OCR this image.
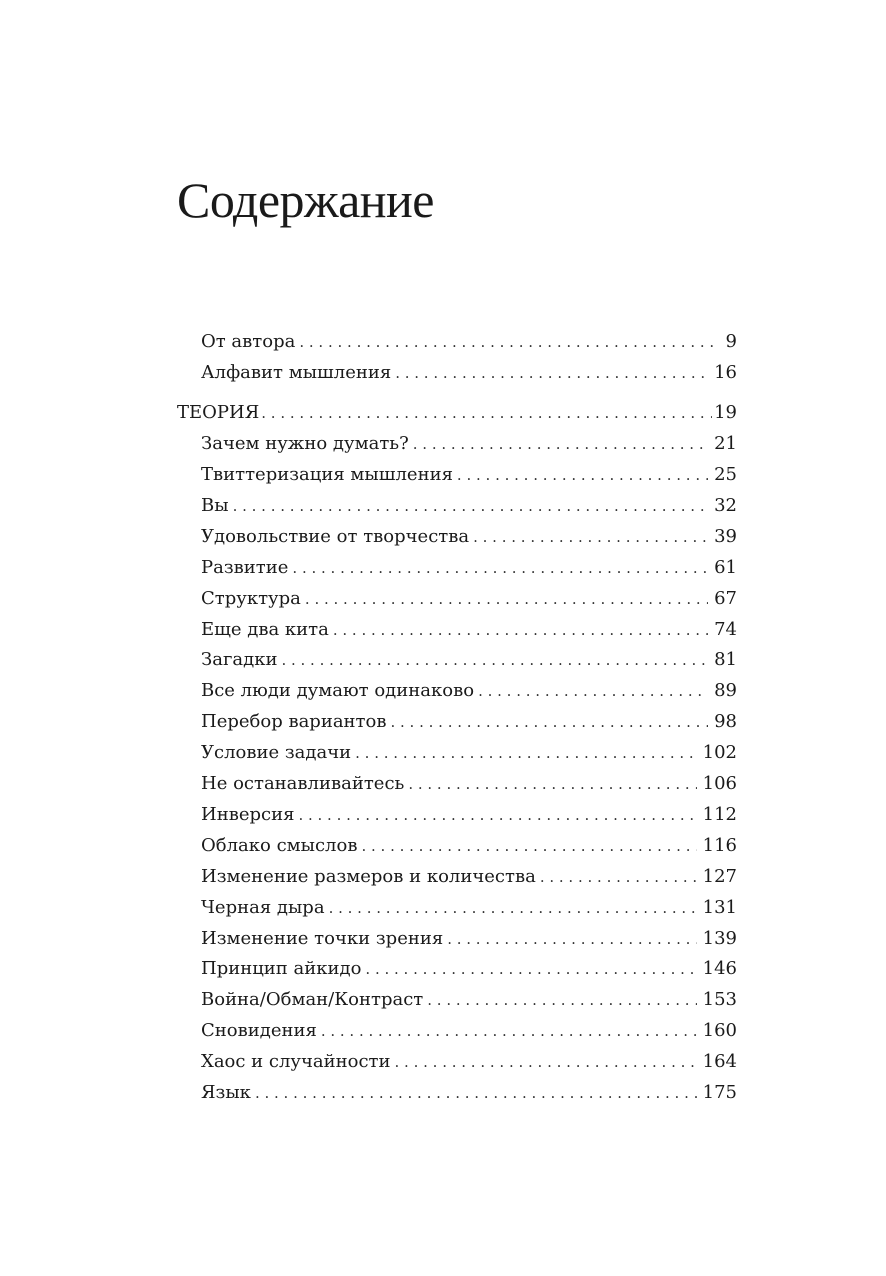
Содержание
От автора . . .	9
Алфавит мышления . . .	16
ТЕОРИЯ . . .	19
Зачем нужно думать? . . .	21
Твиттеризация мышления . . .	25
Вы . . .	32
Удовольствие от творчества . . .	39
Развитие . . .	61
Структура . . .	67
Еще два кита . . .	74
Загадки . . .	81
Все люди думают одинаково . . .	89
Перебор вариантов . . .	98
Условие задачи . . .	102
Не останавливайтесь . . .	106
Инверсия . . .	112
Облако смыслов . . .	116
Изменение размеров и количества . . .	127
Черная дыра . . .	131
Изменение точки зрения . . .	139
Принцип айкидо . . .	146
Война/Обман/Контраст . . .	153
Сновидения . . .	160
Хаос и случайности . . .	164
Язык . . .	175
